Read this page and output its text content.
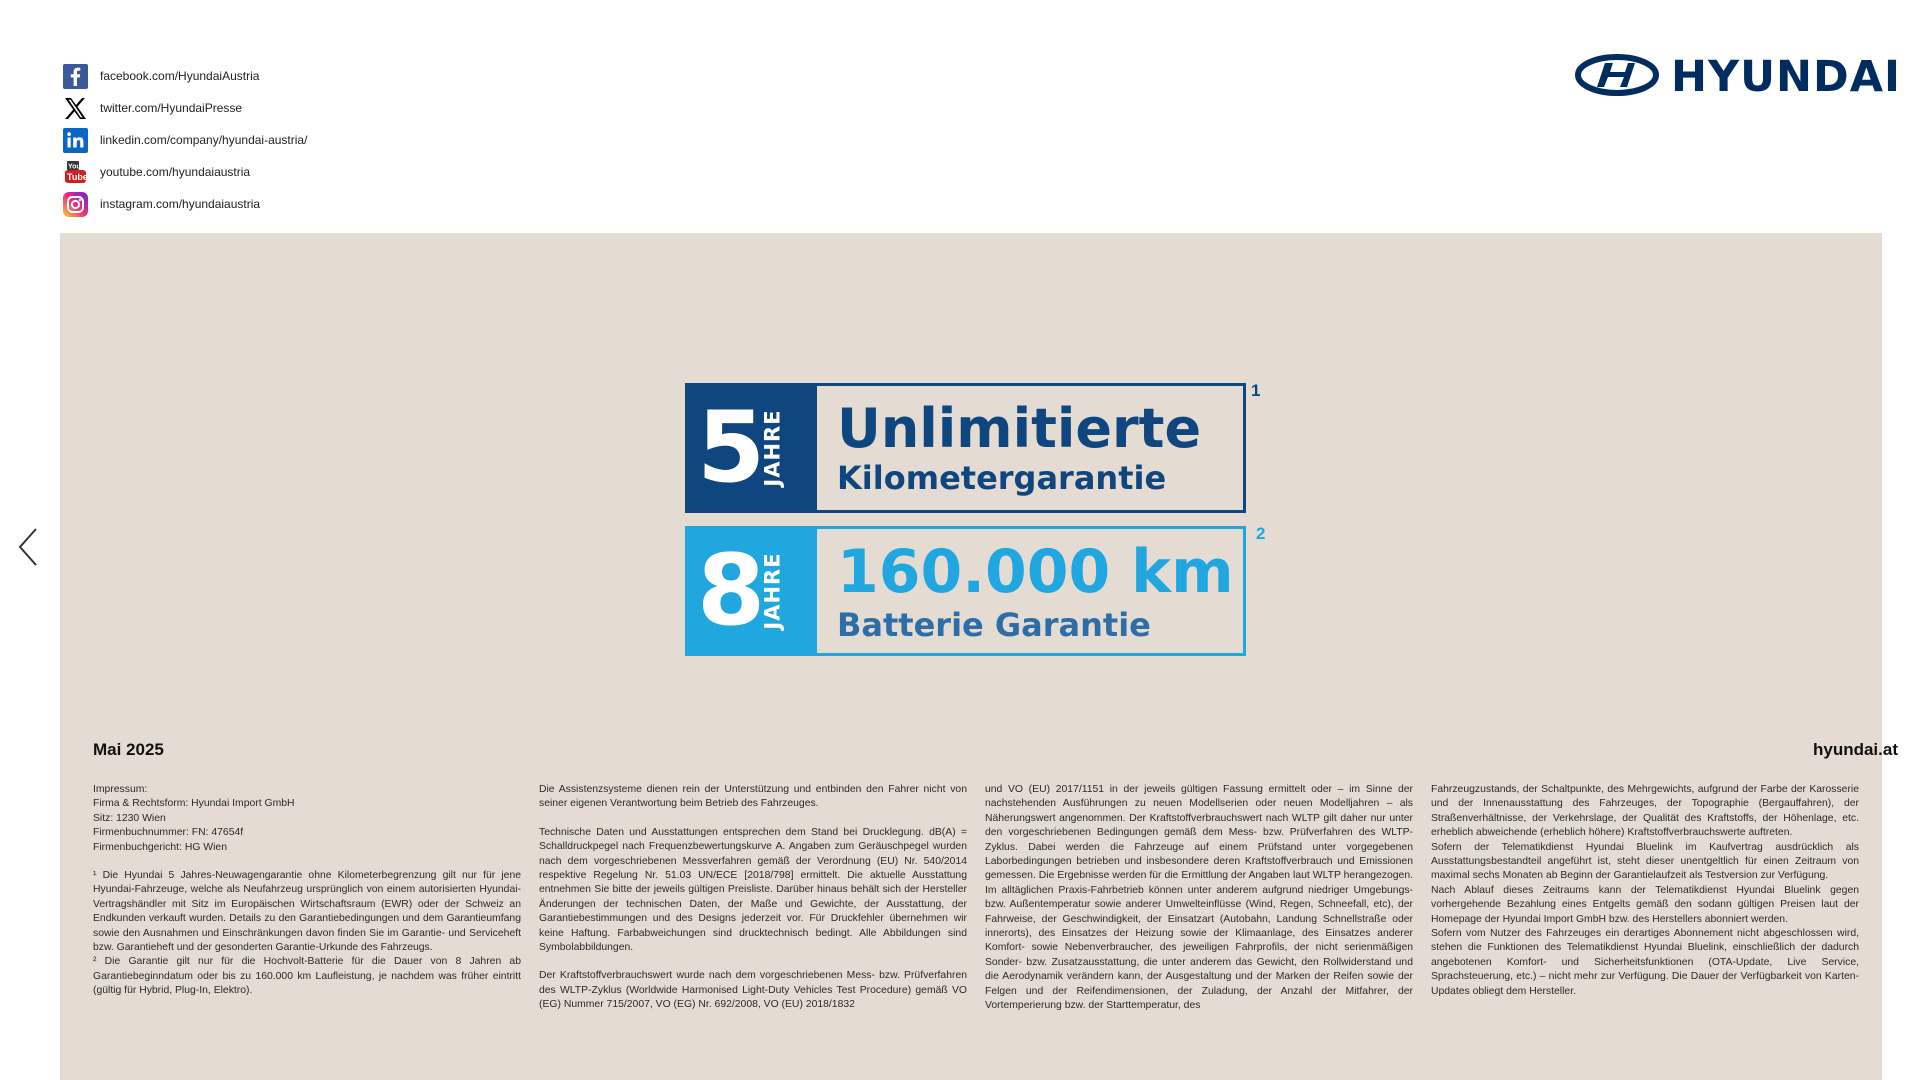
facebook.com/HyundaiAustria
twitter.com/HyundaiPresse
linkedin.com/company/hyundai-austria/
You
Tube youtube.com/hyundaiaustria
instagram.com/hyundaiaustria
HYUNDAI
5
JAHRE Unlimitierte
Kilometergarantie
1
8
JAHRE 160.000 km
Batterie Garantie
2
Mai 2025	hyundai.at

Impressum:

Firma & Rechtsform: Hyundai Import GmbH

Sitz: 1230 Wien

Firmenbuchnummer: FN: 47654f

Firmenbuchgericht: HG Wien

¹ Die Hyundai 5 Jahres-Neuwagengarantie ohne Kilometerbegrenzung gilt nur für jene Hyundai-Fahrzeuge, welche als Neufahrzeug ursprünglich von einem autorisierten Hyundai-Vertragshändler mit Sitz im Europäischen Wirtschaftsraum (EWR) oder der Schweiz an Endkunden verkauft wurden. Details zu den Garantiebedingungen und dem Garantieumfang sowie den Ausnahmen und Einschränkungen davon finden Sie im Garantie- und Serviceheft bzw. Garantieheft und der gesonderten Garantie-Urkunde des Fahrzeugs.

² Die Garantie gilt nur für die Hochvolt-Batterie für die Dauer von 8 Jahren ab Garantiebeginndatum oder bis zu 160.000 km Laufleistung, je nachdem was früher eintritt (gültig für Hybrid, Plug-In, Elektro).

Die Assistenzsysteme dienen rein der Unterstützung und entbinden den Fahrer nicht von seiner eigenen Verantwortung beim Betrieb des Fahrzeuges.

Technische Daten und Ausstattungen entsprechen dem Stand bei Drucklegung. dB(A) = Schalldruckpegel nach Frequenzbewertungskurve A. Angaben zum Geräuschpegel wurden nach dem vorgeschriebenen Messverfahren gemäß der Verordnung (EU) Nr. 540/2014 respektive Regelung Nr. 51.03 UN/ECE [2018/798] ermittelt. Die aktuelle Ausstattung entnehmen Sie bitte der jeweils gültigen Preisliste. Darüber hinaus behält sich der Hersteller Änderungen der technischen Daten, der Maße und Gewichte, der Ausstattung, der Garantiebestimmungen und des Designs jederzeit vor. Für Druckfehler übernehmen wir keine Haftung. Farbabweichungen sind drucktechnisch bedingt. Alle Abbildungen sind Symbolabbildungen.

Der Kraftstoffverbrauchswert wurde nach dem vorgeschriebenen Mess- bzw. Prüfverfahren des WLTP-Zyklus (Worldwide Harmonised Light-Duty Vehicles Test Procedure) gemäß VO (EG) Nummer 715/2007, VO (EG) Nr. 692/2008, VO (EU) 2018/1832

und VO (EU) 2017/1151 in der jeweils gültigen Fassung ermittelt oder – im Sinne der nachstehenden Ausführungen zu neuen Modellserien oder neuen Modelljahren – als Näherungswert angenommen. Der Kraftstoffverbrauchswert nach WLTP gilt daher nur unter den vorgeschriebenen Bedingungen gemäß dem Mess- bzw. Prüfverfahren des WLTP-Zyklus. Dabei werden die Fahrzeuge auf einem Prüfstand unter vorgegebenen Laborbedingungen betrieben und insbesondere deren Kraftstoffverbrauch und Emissionen gemessen. Die Ergebnisse werden für die Ermittlung der Angaben laut WLTP herangezogen. Im alltäglichen Praxis-Fahrbetrieb können unter anderem aufgrund niedriger Umgebungs- bzw. Außentemperatur sowie anderer Umwelteinflüsse (Wind, Regen, Schneefall, etc), der Fahrweise, der Geschwindigkeit, der Einsatzart (Autobahn, Landung Schnellstraße oder innerorts), des Einsatzes der Heizung sowie der Klimaanlage, des Einsatzes anderer Komfort- sowie Nebenverbraucher, des jeweiligen Fahrprofils, der nicht serienmäßigen Sonder- bzw. Zusatzausstattung, die unter anderem das Gewicht, den Rollwiderstand und die Aerodynamik verändern kann, der Ausgestaltung und der Marken der Reifen sowie der Felgen und der Reifendimensionen, der Zuladung, der Anzahl der Mitfahrer, der Vortemperierung bzw. der Starttemperatur, des

Fahrzeugzustands, der Schaltpunkte, des Mehrgewichts, aufgrund der Farbe der Karosserie und der Innenausstattung des Fahrzeuges, der Topographie (Bergauffahren), der Straßenverhältnisse, der Verkehrslage, der Qualität des Kraftstoffs, der Höhenlage, etc. erheblich abweichende (erheblich höhere) Kraftstoffverbrauchswerte auftreten.

Sofern der Telematikdienst Hyundai Bluelink im Kaufvertrag ausdrücklich als Ausstattungsbestandteil angeführt ist, steht dieser unentgeltlich für einen Zeitraum von maximal sechs Monaten ab Beginn der Garantielaufzeit als Testversion zur Verfügung.

Nach Ablauf dieses Zeitraums kann der Telematikdienst Hyundai Bluelink gegen vorhergehende Bezahlung eines Entgelts gemäß den sodann gültigen Preisen laut der Homepage der Hyundai Import GmbH bzw. des Herstellers abonniert werden.

Sofern vom Nutzer des Fahrzeuges ein derartiges Abonnement nicht abgeschlossen wird, stehen die Funktionen des Telematikdienst Hyundai Bluelink, einschließlich der dadurch angebotenen Komfort- und Sicherheitsfunktionen (OTA-Update, Live Service, Sprachsteuerung, etc.) – nicht mehr zur Verfügung. Die Dauer der Verfügbarkeit von Karten-Updates obliegt dem Hersteller.
